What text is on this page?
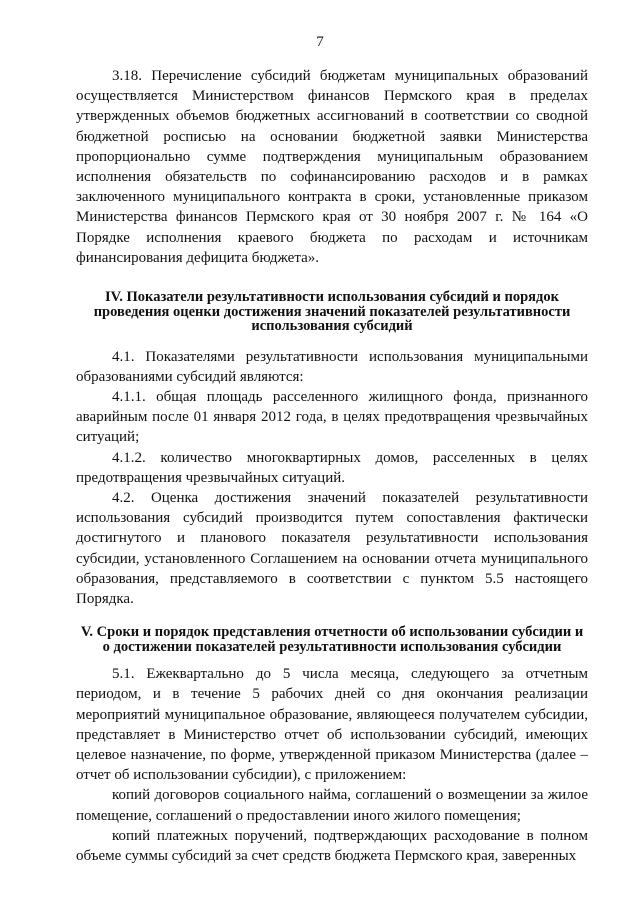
7

3.18. Перечисление субсидий бюджетам муниципальных образований осуществляется Министерством финансов Пермского края в пределах утвержденных объемов бюджетных ассигнований в соответствии со сводной бюджетной росписью на основании бюджетной заявки Министерства пропорционально сумме подтверждения муниципальным образованием исполнения обязательств по софинансированию расходов и в рамках заключенного муниципального контракта в сроки, установленные приказом Министерства финансов Пермского края от 30 ноября 2007 г. № 164 «О Порядке исполнения краевого бюджета по расходам и источникам финансирования дефицита бюджета».

IV. Показатели результативности использования субсидий и порядок проведения оценки достижения значений показателей результативности использования субсидий

4.1. Показателями результативности использования муниципальными образованиями субсидий являются:

4.1.1. общая площадь расселенного жилищного фонда, признанного аварийным после 01 января 2012 года, в целях предотвращения чрезвычайных ситуаций;

4.1.2. количество многоквартирных домов, расселенных в целях предотвращения чрезвычайных ситуаций.

4.2. Оценка достижения значений показателей результативности использования субсидий производится путем сопоставления фактически достигнутого и планового показателя результативности использования субсидии, установленного Соглашением на основании отчета муниципального образования, представляемого в соответствии с пунктом 5.5 настоящего Порядка.

V. Сроки и порядок представления отчетности об использовании субсидии и о достижении показателей результативности использования субсидии

5.1. Ежеквартально до 5 числа месяца, следующего за отчетным периодом, и в течение 5 рабочих дней со дня окончания реализации мероприятий муниципальное образование, являющееся получателем субсидии, представляет в Министерство отчет об использовании субсидий, имеющих целевое назначение, по форме, утвержденной приказом Министерства (далее – отчет об использовании субсидии), с приложением:

копий договоров социального найма, соглашений о возмещении за жилое помещение, соглашений о предоставлении иного жилого помещения;

копий платежных поручений, подтверждающих расходование в полном объеме суммы субсидий за счет средств бюджета Пермского края, заверенных
